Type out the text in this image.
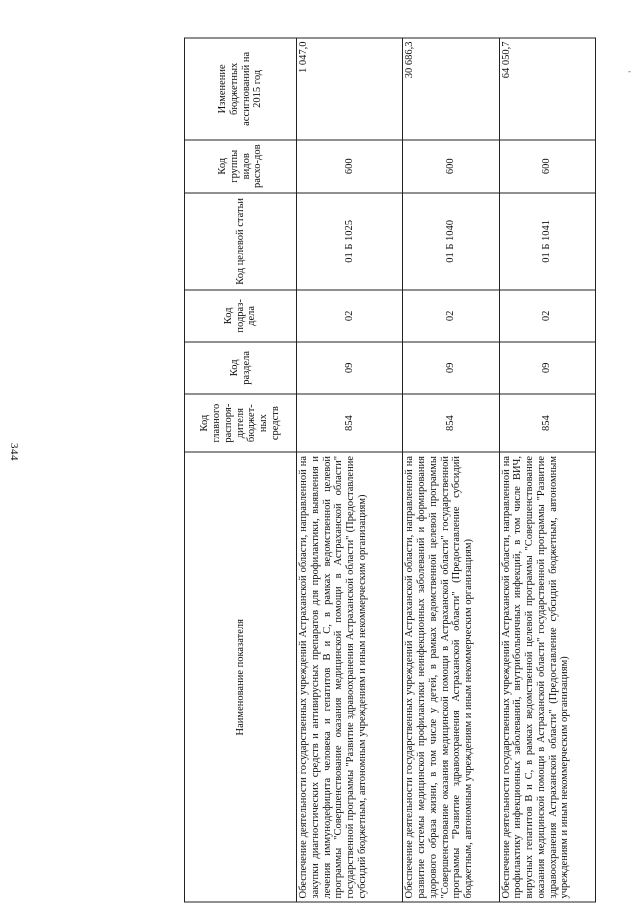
344
-
Наименование показателя	Код главного распоря-дителя бюджет-ных средств	Код раздела	Код подраз-дела	Код целевой статьи	Код группы видов расхо-дов	Изменение бюджетных ассигнований на 2015 год
Обеспечение деятельности государственных учреждений Астраханской области, направленной на закупки диагностических средств и антивирусных препаратов для профилактики, выявления и лечения иммунодефицита человека и гепатитов В и С, в рамках ведомственной целевой программы "Совершенствование оказания медицинской помощи в Астраханской области" государственной программы "Развитие здравоохранения Астраханской области" (Предоставление субсидий бюджетным, автономным учреждениям и иным некоммерческим организациям)	854	09	02	01 Б 1025	600	1 047,0
Обеспечение деятельности государственных учреждений Астраханской области, направленной на развитие системы медицинской профилактики неинфекционных заболеваний и формирования здорового образа жизни, в том числе у детей, в рамках ведомственной целевой программы "Совершенствование оказания медицинской помощи в Астраханской области" государственной программы "Развитие здравоохранения Астраханской области" (Предоставление субсидий бюджетным, автономным учреждениям и иным некоммерческим организациям)	854	09	02	01 Б 1040	600	30 686,3
Обеспечение деятельности государственных учреждений Астраханской области, направленной на профилактику инфекционных заболеваний, внутрибольничных инфекций, в том числе ВИЧ, вирусных гепатитов В и С, в рамках ведомственной целевой программы "Совершенствование оказания медицинской помощи в Астраханской области" государственной программы "Развитие здравоохранения Астраханской области" (Предоставление субсидий бюджетным, автономным учреждениям и иным некоммерческим организациям)	854	09	02	01 Б 1041	600	64 050,7
